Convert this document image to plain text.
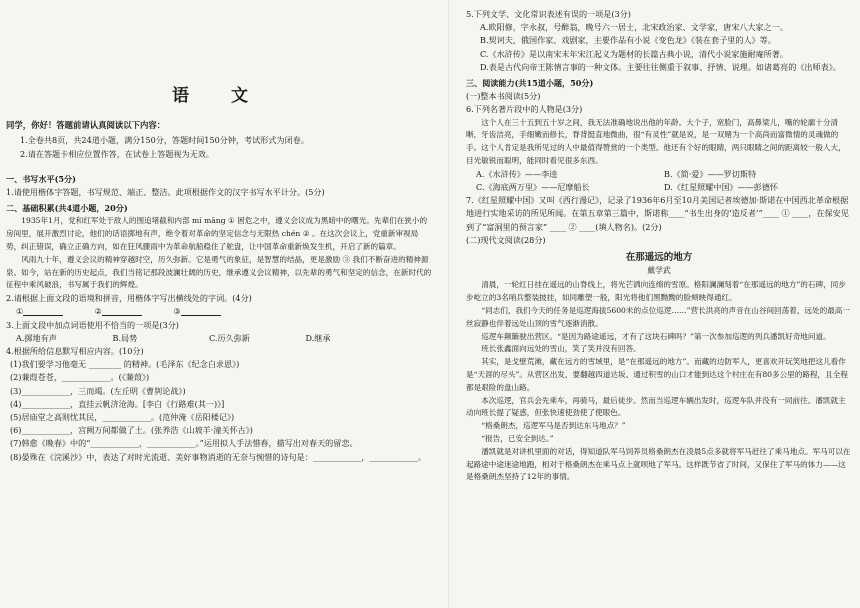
语 文
同学，你好！答题前请认真阅读以下内容：
1.全卷共8页，共24道小题，满分150分，答题时间150分钟，考试形式为闭卷。
2.请在答题卡相应位置作答，在试卷上答题视为无效。
一、书写水平(5分)
1.请使用楷体字答题，书写规范、端正、整洁。此项根据作文的汉字书写水平计分。(5分)
二、基础积累(共4道小题，20分)
1935年1月，党和红军处于敌人的围追堵截和内部 mí māng ① 困危之中，遵义会议成为黑暗中的曙光。先辈们在狭小的房间里，展开激烈讨论，他们的话语掷地有声，绝令着对革命的坚定信念与无限热 chén ② 。在这次会议上，党重新审视局势，纠正错误，确立正确方向，如在狂风骤雨中为革命航船稳住了舵盘，让中国革命重新焕发生机，开启了新的篇章。
风雨九十年，遵义会议的精神穿越时空，历久弥新。它是勇气的象征，是智慧的结晶，更是激励 ③ 我们不断奋进的精神源泉。如今，站在新的历史起点，我们当铭记那段波澜壮阔的历史，继承遵义会议精神，以先辈的勇气和坚定的信念，在新时代的征程中乘风破浪，书写属于我们的辉煌。
2.请根据上面文段的语境和拼音，用楷体字写出横线处的字词。(4分)
①	②	③
3.上面文段中加点词语使用不恰当的一项是(3分)
A.掷地有声	B.局势	C.历久弥新	D.继承
4.根据所给信息默写相应内容。(10分)
(1)我们要学习他毫无 ________ 的精神。(毛泽东《纪念白求恩》)
(2)蒹葭苍苍，____________。(《蒹葭》)
(3)____________，三而竭。(左丘明《曹刿论战》)
(4)____________，直挂云帆济沧海。[李白《行路难(其一)》]
(5)居庙堂之高则忧其民，____________。(范仲淹《岳阳楼记》)
(6)____________，宫阙万间都做了土。(张养浩《山坡羊·潼关怀古》)
(7)韩愈《晚春》中的“____________，____________。”运用拟人手法惜春，描写出对春天的留恋。
(8)晏殊在《浣溪沙》中，表达了对时光流逝、美好事物消逝的无奈与惋惜的诗句是：____________，____________。
5.下列文学、文化常识表述有误的一项是(3分)
A.欧阳修，字永叔，号醉翁，晚号六一居士，北宋政治家、文学家，唐宋八大家之一。
B.契诃夫，俄国作家、戏剧家，主要作品有小说《变色龙》《装在套子里的人》等。
C.《水浒传》是以南宋末年宋江起义为题材的长篇古典小说，清代小说家施耐庵所著。
D.表是古代向帝王陈情言事的一种文体。主要往往侧重于叙事、抒情、说理。如诸葛亮的《出师表》。
三、阅读能力(共15道小题，50分)
(一)整本书阅读(5分)
6.下列名著片段中的人物是(3分)
这个人在三十五到五十岁之间，我无法准确地说出他的年龄。大个子，宽脸门，高鼻梁儿，嘴的轮廓十分清晰，牙齿洁亮，手细嫩而修长，脊背挺直地微曲，很“有灵性”就是说，是一双赌为一个高尚而富微情的灵魂做的手。这个人肯定是我所见过的人中最值得赞赏的一个类型。他还有个好的眼睛，两只眼睛之间的距离较一般人大，目光敏锐而聪明，能同时看见很多东西。
A.《水浒传》——李逵	B.《简·爱》——罗切斯特
C.《海底两万里》——尼摩船长	D.《红星照耀中国》——彭德怀
7.《红星照耀中国》又叫《西行漫记》，记录了1936年6月至10月美国记者埃德加·斯诺在中国西北革命根据地进行实地采访的所见所闻。在第五章第三篇中，斯诺称____“书生出身的‘造反者’”____ ① ____，在保安见到了“富洞里的预言家” ____ ② ____(填人物名)。(2分)
(二)现代文阅读(28分)
在那遥远的地方
戴学武
清晨，一轮红日挂在遥远的山脊线上，将光芒洒向连绵的雪原。格阳澜澜刻着“在那遥远的地方”的石碑，同步步屹立的3名哨兵整装披挂，如同雕塑一般，阳光将他们黑黝黝的脸颊映得通红。
“同志们，我们今天的任务是巡逻海拔5600米的点位巡逻……”营长洪亮的声音在山谷间回荡着，远处的最高一丝寂静也伴着远处山顶的雪气逐渐消散。
巡逻车颠簸驶出营区。“是因为路途遥远，才有了这块石碑吗？”第一次参加巡逻的列兵潘凯好奇地问道。
班长张鑫面向远处的雪山，笑了笑并没有回答。
其实，是戈壁荒滩，藏在远方的雪域里，是“在那遥远的地方”。而藏的边防军人，更喜欢开玩笑地把这儿看作是“天涯的尽头”。从营区出发，要翻越四道达坂、通过积雪的山口才能到达这个村庄在有80多公里的路程，且全程都是艰险的盘山路。
本次巡逻，官兵会先乘车，再骑马，最后徒步。然而当巡逻车辆出发时，巡逻车队并没有一同前往。潘凯就主动向班长提了疑惑，但张快速使劲使了使眼色。
“格桑朗杰，巡逻军马是否到达东马地点？”
“报告，已安全到达。”
潘凯就是对讲机里面的对话，得知道队军马饲养员格桑朗杰在凌晨5点多就将军马赶往了乘马地点。军马可以在起路途中途迷途地跑，相对于格桑朗杰在乘马点上就呗地了军马。这样既节省了时间，又保住了军马的体力——这是格桑朗杰坚持了12年的事情。
